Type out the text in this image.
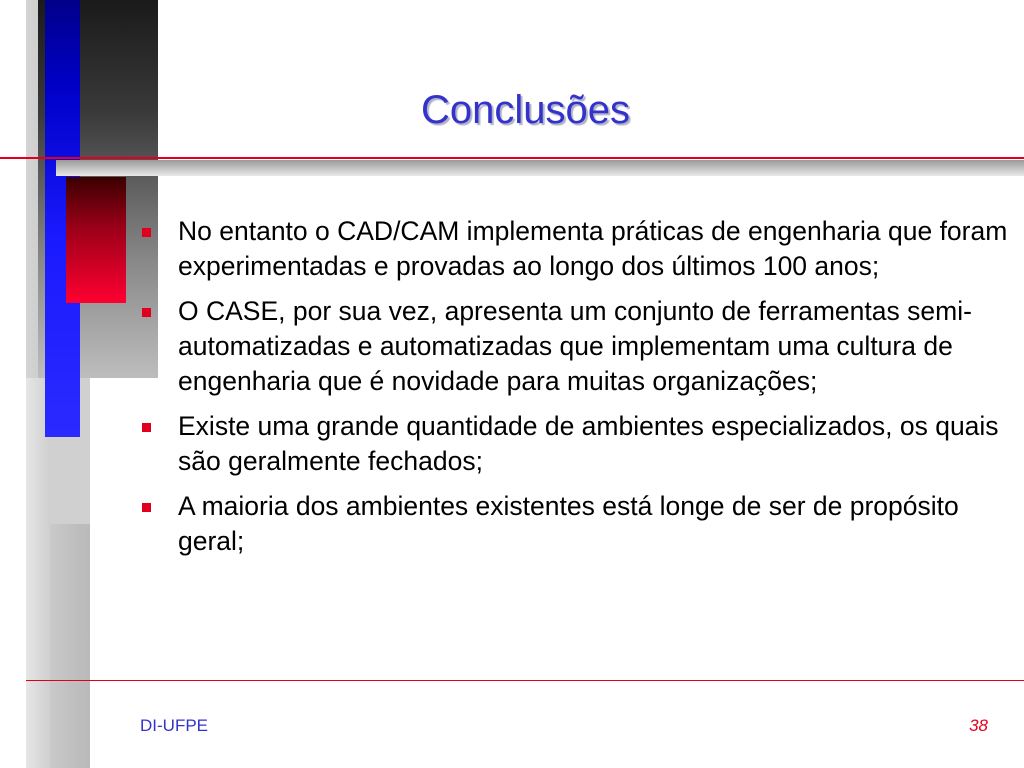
Conclusões
No entanto o CAD/CAM implementa práticas de engenharia que foram experimentadas e provadas ao longo dos últimos 100 anos;
O CASE, por sua vez, apresenta um conjunto de ferramentas semi-automatizadas e automatizadas que implementam uma cultura de engenharia que é novidade para muitas organizações;
Existe uma grande quantidade de ambientes especializados, os quais são geralmente fechados;
A maioria dos ambientes existentes está longe de ser de propósito geral;
DI-UFPE	38
